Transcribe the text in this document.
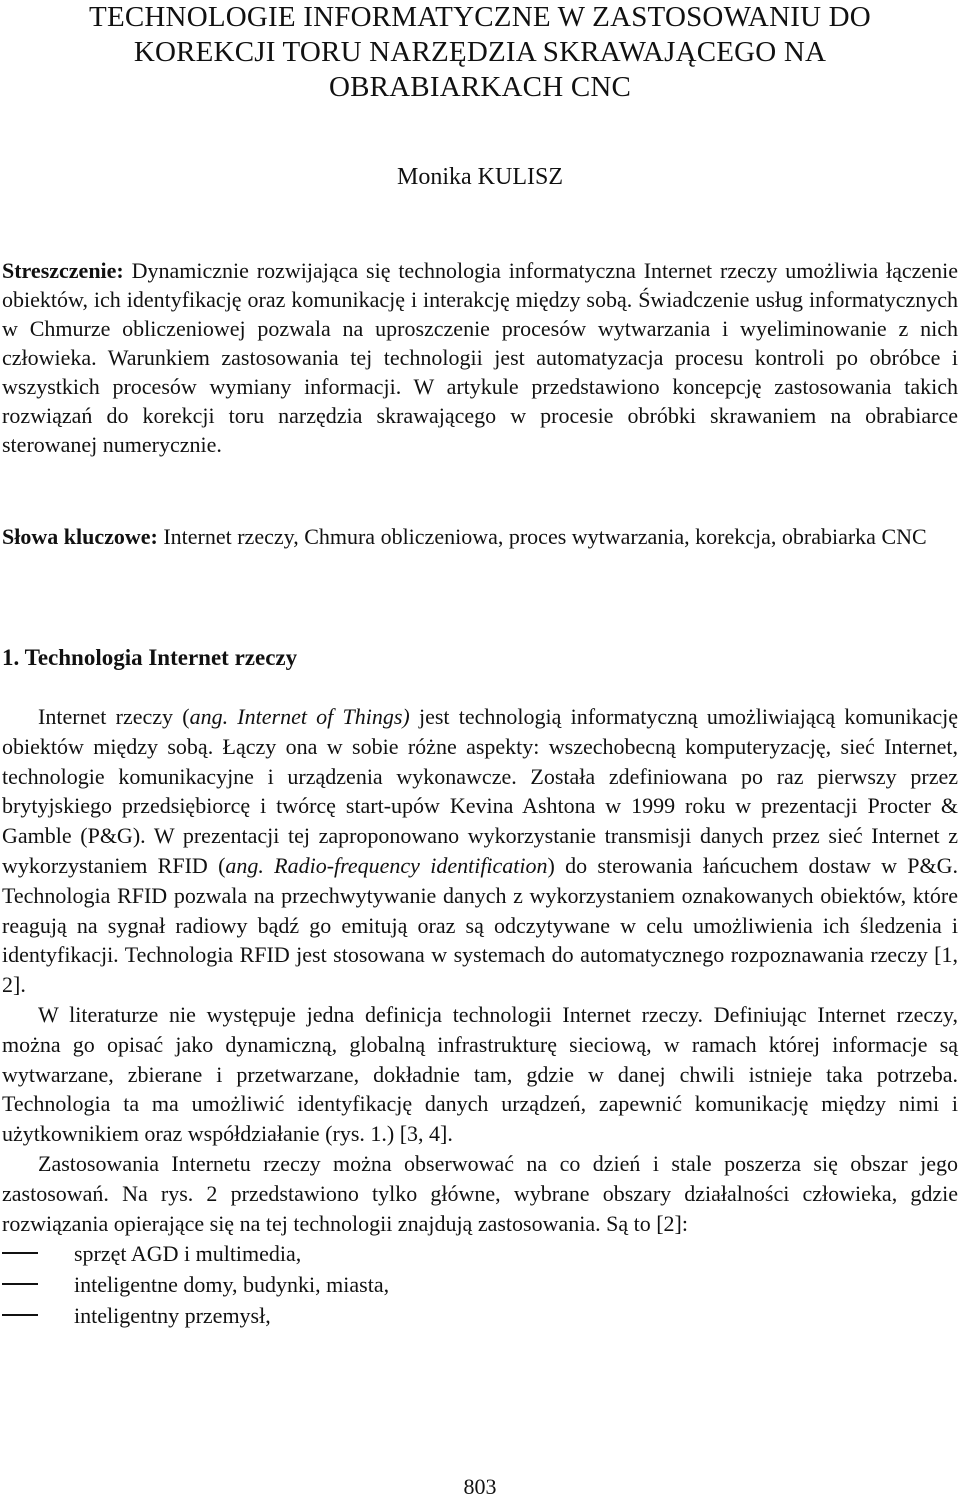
TECHNOLOGIE INFORMATYCZNE W ZASTOSOWANIU DO
KOREKCJI TORU NARZĘDZIA SKRAWAJĄCEGO NA
OBRABIARKACH CNC

Monika KULISZ

Streszczenie: Dynamicznie rozwijająca się technologia informatyczna Internet rzeczy umożliwia łączenie obiektów, ich identyfikację oraz komunikację i interakcję między sobą. Świadczenie usług informatycznych w Chmurze obliczeniowej pozwala na uproszczenie procesów wytwarzania i wyeliminowanie z nich człowieka. Warunkiem zastosowania tej technologii jest automatyzacja procesu kontroli po obróbce i wszystkich procesów wymiany informacji. W artykule przedstawiono koncepcję zastosowania takich rozwiązań do korekcji toru narzędzia skrawającego w procesie obróbki skrawaniem na obrabiarce sterowanej numerycznie.

Słowa kluczowe: Internet rzeczy, Chmura obliczeniowa, proces wytwarzania, korekcja, obrabiarka CNC

1. Technologia Internet rzeczy

Internet rzeczy (ang. Internet of Things) jest technologią informatyczną umożliwiającą komunikację obiektów między sobą. Łączy ona w sobie różne aspekty: wszechobecną komputeryzację, sieć Internet, technologie komunikacyjne i urządzenia wykonawcze. Została zdefiniowana po raz pierwszy przez brytyjskiego przedsiębiorcę i twórcę start-upów Kevina Ashtona w 1999 roku w prezentacji Procter & Gamble (P&G). W prezentacji tej zaproponowano wykorzystanie transmisji danych przez sieć Internet z wykorzystaniem RFID (ang. Radio-frequency identification) do sterowania łańcuchem dostaw w P&G. Technologia RFID pozwala na przechwytywanie danych z wykorzystaniem oznakowanych obiektów, które reagują na sygnał radiowy bądź go emitują oraz są odczytywane w celu umożliwienia ich śledzenia i identyfikacji. Technologia RFID jest stosowana w systemach do automatycznego rozpoznawania rzeczy [1, 2].

W literaturze nie występuje jedna definicja technologii Internet rzeczy. Definiując Internet rzeczy, można go opisać jako dynamiczną, globalną infrastrukturę sieciową, w ramach której informacje są wytwarzane, zbierane i przetwarzane, dokładnie tam, gdzie w danej chwili istnieje taka potrzeba. Technologia ta ma umożliwić identyfikację danych urządzeń, zapewnić komunikację między nimi i użytkownikiem oraz współdziałanie (rys. 1.) [3, 4].

Zastosowania Internetu rzeczy można obserwować na co dzień i stale poszerza się obszar jego zastosowań. Na rys. 2 przedstawiono tylko główne, wybrane obszary działalności człowieka, gdzie rozwiązania opierające się na tej technologii znajdują zastosowania. Są to [2]:

sprzęt AGD i multimedia,
inteligentne domy, budynki, miasta,
inteligentny przemysł,
803
